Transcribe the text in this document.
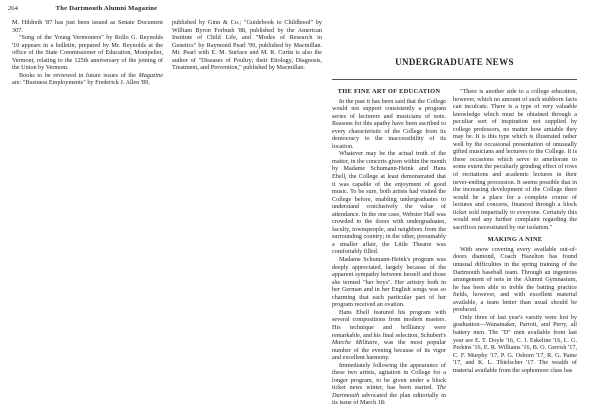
264	The Dartmouth Alumni Magazine

M. Hildreth '87 has just been issued as Senate Document 307.

"Song of the Young Vermonters" by Rollo G. Reynolds '10 appears in a bulletin, prepared by Mr. Reynolds at the office of the State Commissioner of Education, Montpelier, Vermont, relating to the 125th anniversary of the joining of the Union by Vermont.

Books to be reviewed in future issues of the Magazine are: "Business Employments" by Frederick J. Allen '89,

published by Ginn & Co.; "Guidebook to Childhood" by William Byron Forbush '88, published by the American Institute of Child Life, and "Modes of Research in Genetics" by Raymond Pearl '99, published by Macmillan. Mr. Pearl with E. M. Surface and M. R. Curtis is also the author of "Diseases of Poultry; their Etiology, Diagnosis, Treatment, and Prevention," published by Macmillan.

UNDERGRADUATE NEWS
THE FINE ART OF EDUCATION

In the past it has been said that the College would not support consistently a program series of lecturers and musicians of note. Reasons for this apathy have been ascribed to every characteristic of the College from its democracy to the inaccessibility of its location.

Whatever may be the actual truth of the matter, in the concerts given within the month by Madame Schumann-Heink and Hans Ebell, the College at least demonstrated that it was capable of the enjoyment of good music. To be sure, both artists had visited the College before, enabling undergraduates to understand conclusively the value of attendance. In the one case, Webster Hall was crowded to the doors with undergraduates, faculty, townspeople, and neighbors from the surrounding country; in the other, presumably a smaller affair, the Little Theatre was comfortably filled.

Madame Schumann-Heink's program was deeply appreciated, largely because of the apparent sympathy between herself and those she termed "her boys". Her artistry both in her German and in her English songs was so charming that each particular part of her program received an ovation.

Hans Ebell featured his program with several compositions from modern masters. His technique and brilliancy were remarkable, and his final selection, Schubert's Marche Militaire, was the most popular number of the evening because of its vigor and excellent harmony.

Immediately following the appearance of these two artists, agitation in College for a longer program, to be given under a block ticket news winter, has been started. The Dartmouth advocated the plan editorially in its issue of March 18:

"There is another side to a college education, however, which no amount of such stubborn facts can inculcate. There is a type of very valuable knowledge which must be obtained through a peculiar sort of inspiration not supplied by college professors, no matter how amiable they may be. It is this type which is illustrated rather well by the occasional presentation of unusually gifted musicians and lecturers to the College. It is these occasions which serve to ameliorate to some extent the peculiarly grinding effect of rows of recitations and academic lectures in their never-ending procession. It seems possible that in the increasing development of the College there would be a place for a complete course of lectures and concerts, financed through a block ticket sold impartially to everyone. Certainly this would end any further complaint regarding the sacrifices necessitated by our isolation."

MAKING A NINE

With snow covering every available out-of-doors diamond, Coach Hazelton has found unusual difficulties in the spring training of the Dartmouth baseball team. Through an ingenious arrangement of nets in the Alumni Gymnasium, he has been able to treble the batting practice fields, however, and with excellent material available, a team better than usual should be produced.

Only three of last year's varsity were lost by graduation—Wanamaker, Parrott, and Perry, all battery men. The "D" men available from last year are E. T. Doyle '16, C. J. Eskeline '16, L. G. Perkins '16, E. R. Williams '16, B. O. Gerrish '17, C. F. Murphy '17, P. G. Osborn '17, R. G. Paine '17, and K. L. Thielscher '17. The wealth of material available from the sophomore class has
